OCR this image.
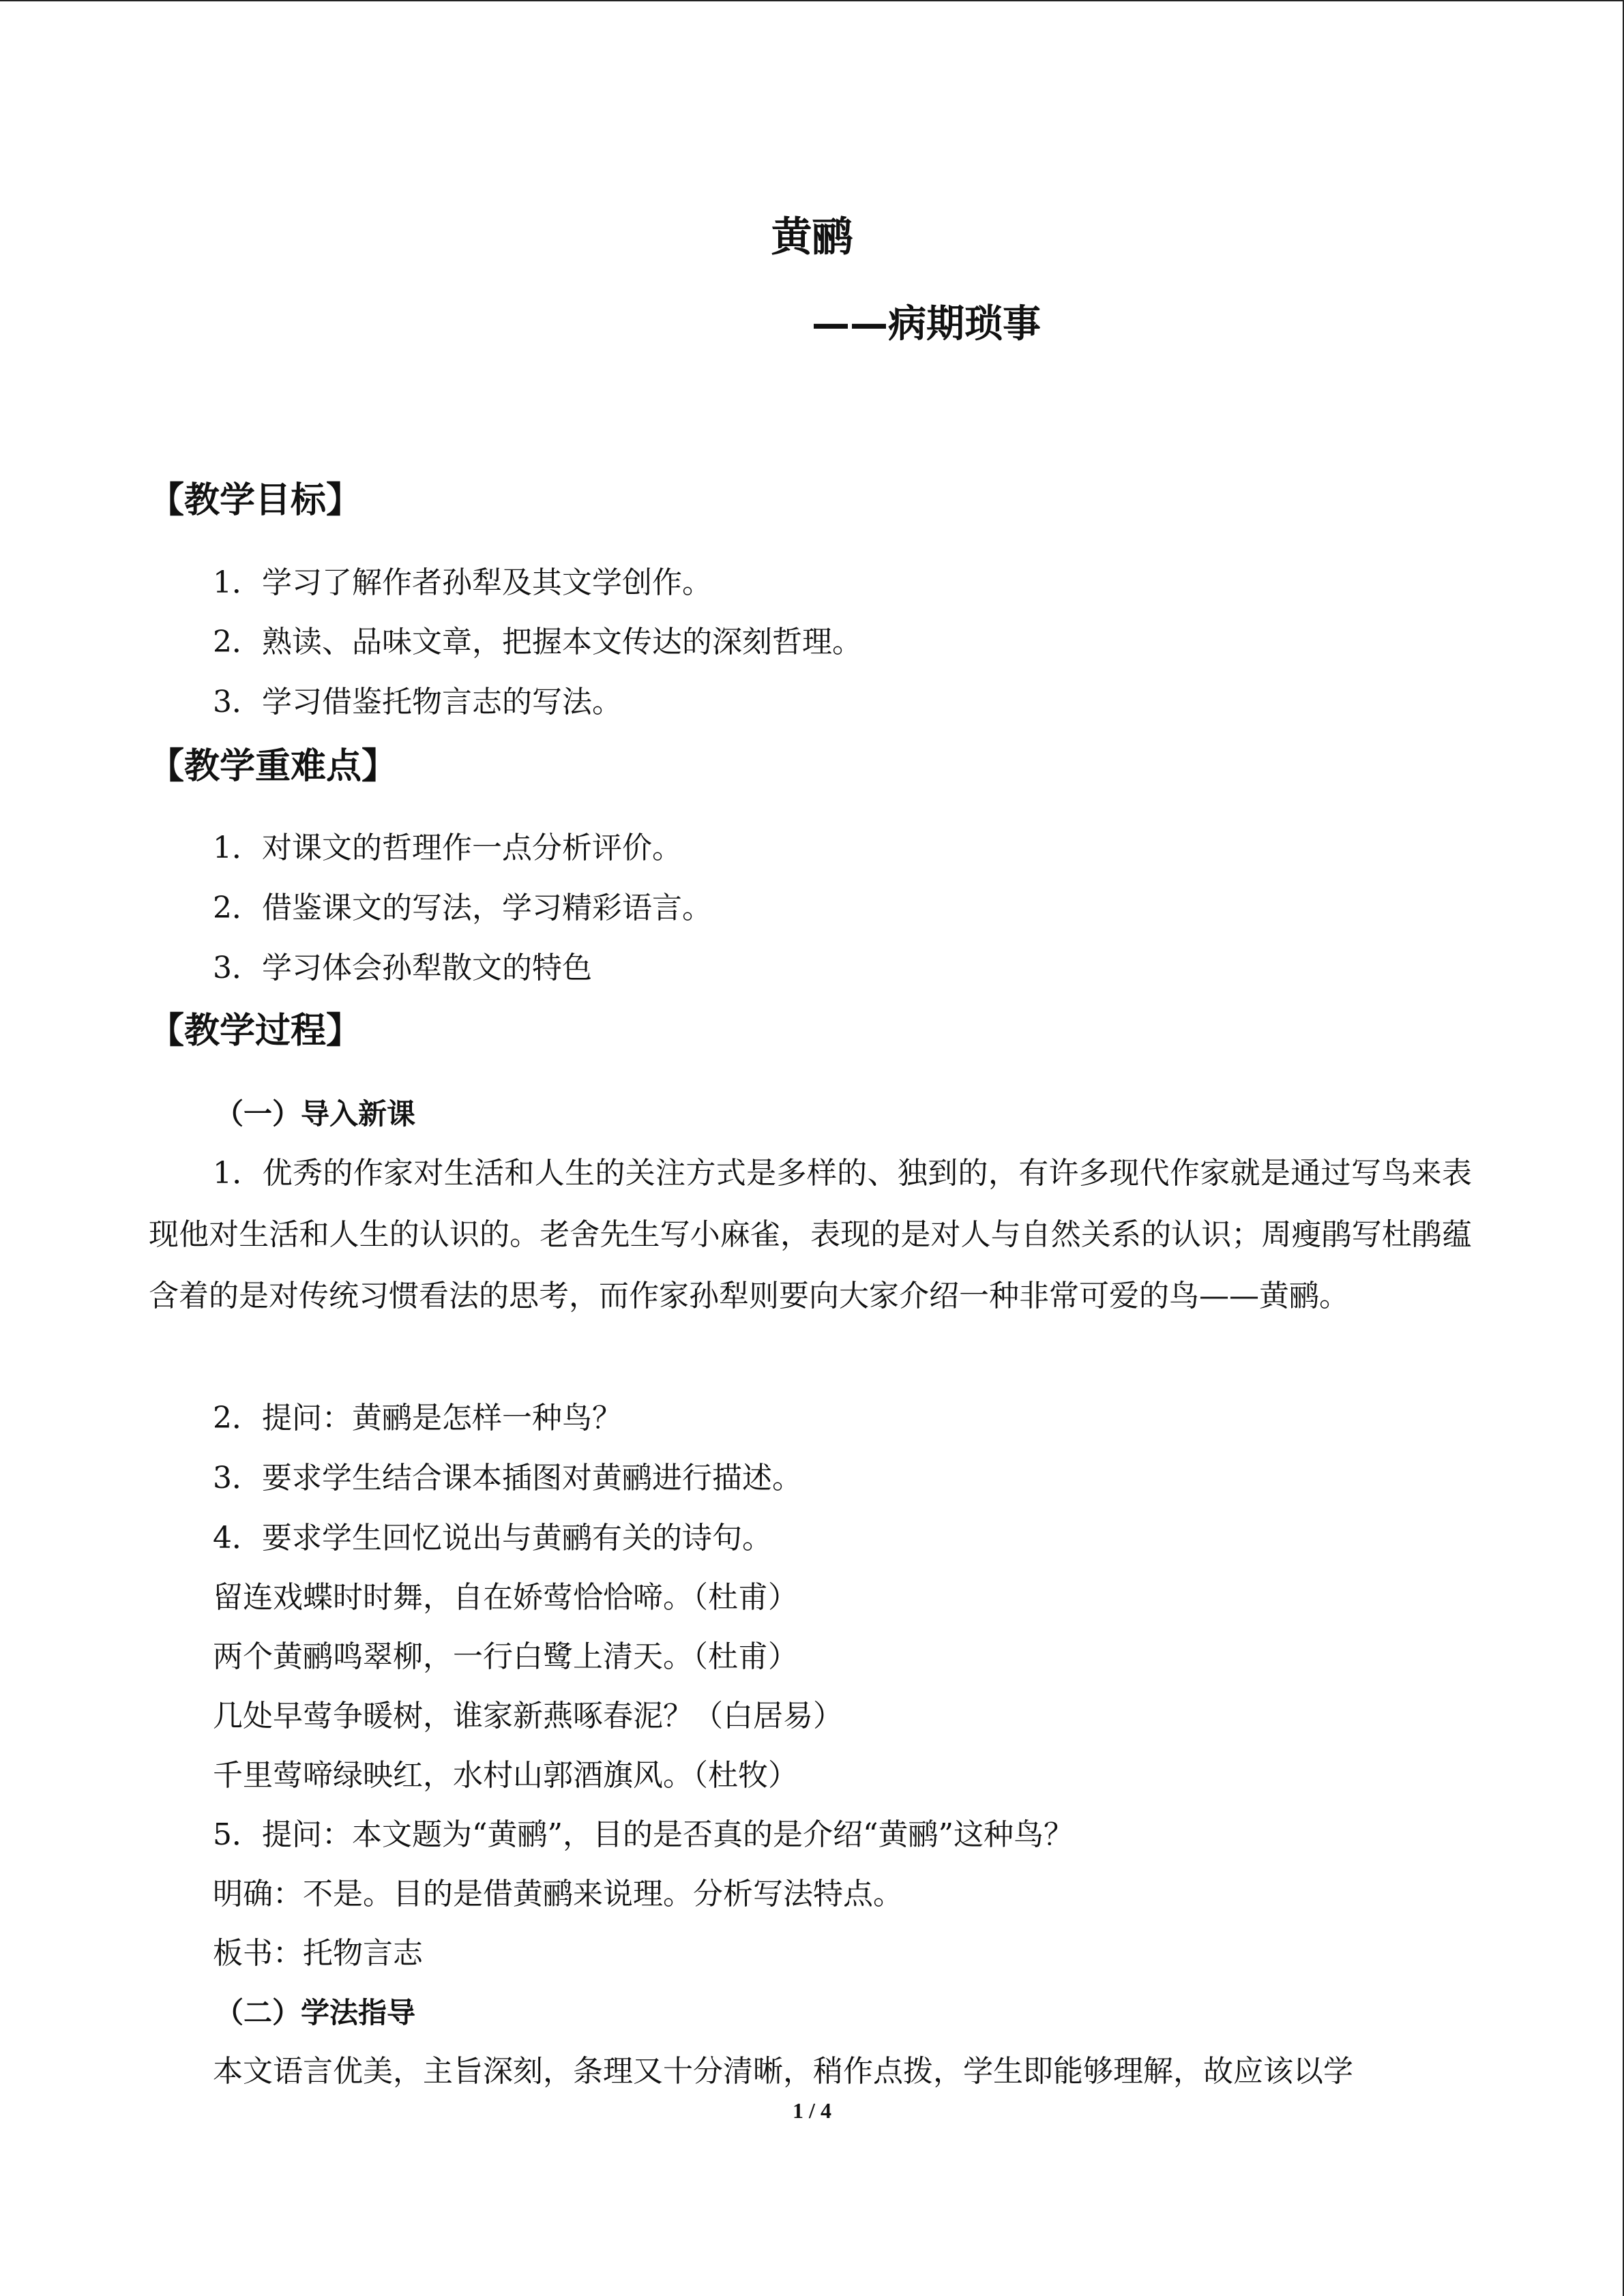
黄鹂
——病期琐事
【教学目标】
1．学习了解作者孙犁及其文学创作。
2．熟读、品味文章，把握本文传达的深刻哲理。
3．学习借鉴托物言志的写法。
【教学重难点】
1．对课文的哲理作一点分析评价。
2．借鉴课文的写法，学习精彩语言。
3．学习体会孙犁散文的特色
【教学过程】
（一）导入新课
1．优秀的作家对生活和人生的关注方式是多样的、独到的，有许多现代作家就是通过写鸟来表现他对生活和人生的认识的。老舍先生写小麻雀，表现的是对人与自然关系的认识；周瘦鹃写杜鹃蕴含着的是对传统习惯看法的思考，而作家孙犁则要向大家介绍一种非常可爱的鸟——黄鹂。
2．提问：黄鹂是怎样一种鸟？
3．要求学生结合课本插图对黄鹂进行描述。
4．要求学生回忆说出与黄鹂有关的诗句。
留连戏蝶时时舞，自在娇莺恰恰啼。（杜甫）
两个黄鹂鸣翠柳，一行白鹭上清天。（杜甫）
几处早莺争暖树，谁家新燕啄春泥？（白居易）
千里莺啼绿映红，水村山郭酒旗风。（杜牧）
5．提问：本文题为“黄鹂”，目的是否真的是介绍“黄鹂”这种鸟？
明确：不是。目的是借黄鹂来说理。分析写法特点。
板书：托物言志
（二）学法指导
本文语言优美，主旨深刻，条理又十分清晰，稍作点拨，学生即能够理解，故应该以学
1 / 4
